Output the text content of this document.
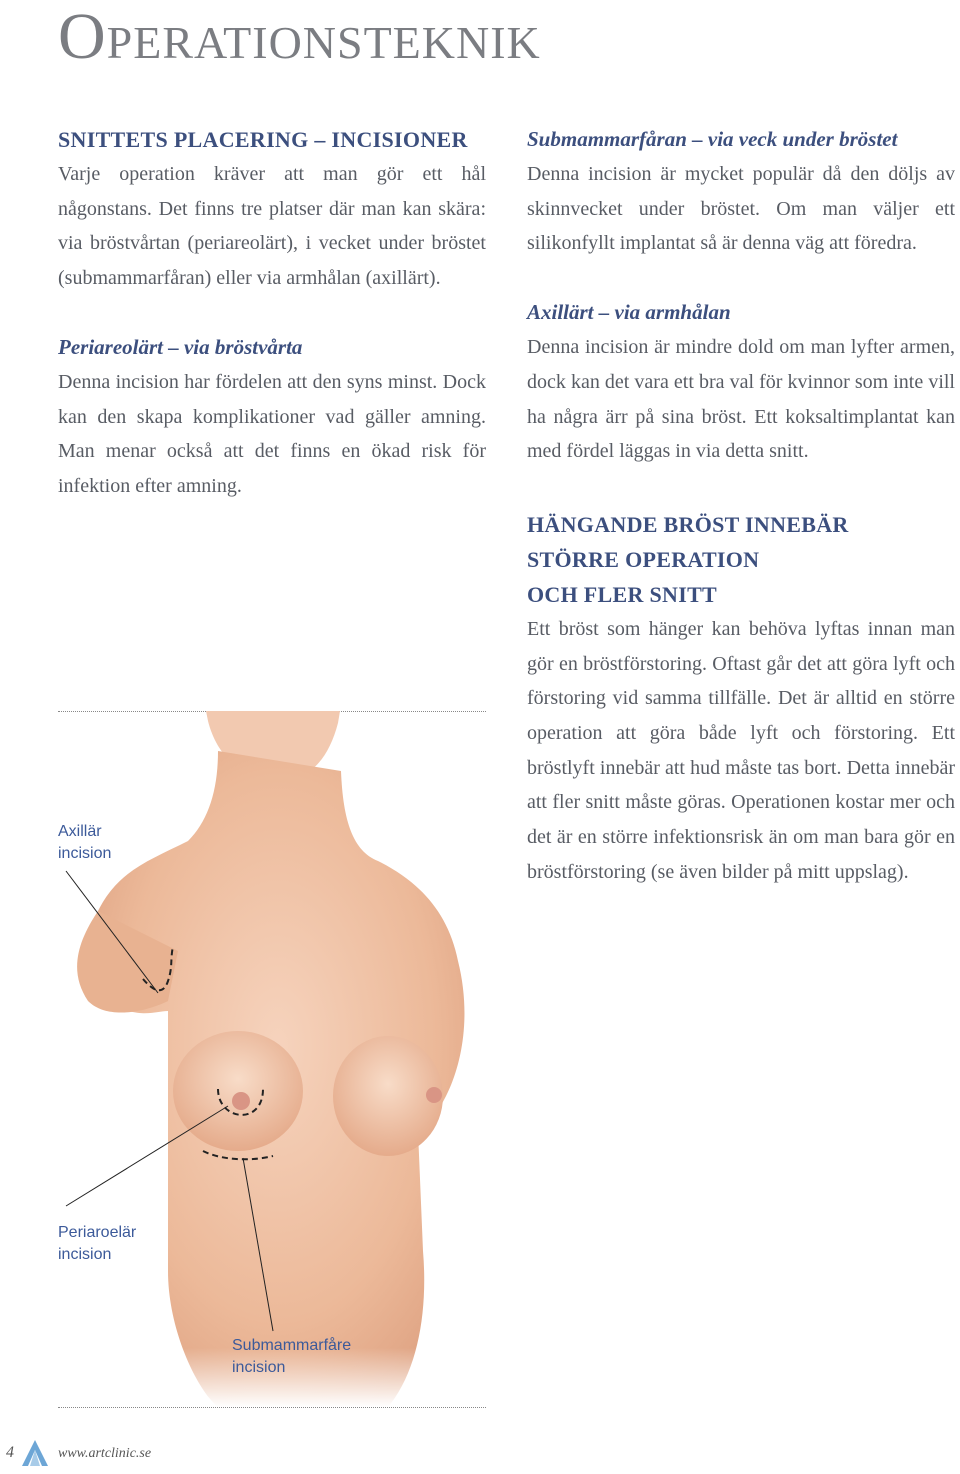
Operationsteknik
SNITTETS PLACERING – INCISIONER

Varje operation kräver att man gör ett hål någonstans. Det finns tre platser där man kan skära: via bröstvårtan (periareolärt), i vecket under bröstet (submammarfåran) eller via armhålan (axillärt).

Periareolärt – via bröstvårta

Denna incision har fördelen att den syns minst. Dock kan den skapa komplikationer vad gäller amning. Man menar också att det finns en ökad risk för infektion efter amning.

Submammarfåran – via veck under bröstet

Denna incision är mycket populär då den döljs av skinnvecket under bröstet. Om man väljer ett silikonfyllt implantat så är denna väg att föredra.

Axillärt – via armhålan

Denna incision är mindre dold om man lyfter armen, dock kan det vara ett bra val för kvinnor som inte vill ha några ärr på sina bröst. Ett koksaltimplantat kan med fördel läggas in via detta snitt.

HÄNGANDE BRÖST INNEBÄR
STÖRRE OPERATION
OCH FLER SNITT

Ett bröst som hänger kan behöva lyftas innan man gör en bröstförstoring. Oftast går det att göra lyft och förstoring vid samma tillfälle. Det är alltid en större operation att göra både lyft och förstoring. Ett bröstlyft innebär att hud måste tas bort. Detta innebär att fler snitt måste göras. Operationen kostar mer och det är en större infektionsrisk än om man bara gör en bröstförstoring (se även bilder på mitt uppslag).

Axillär
incision
Periaroelär
incision
Submammarfåre
incision
4	www.artclinic.se
